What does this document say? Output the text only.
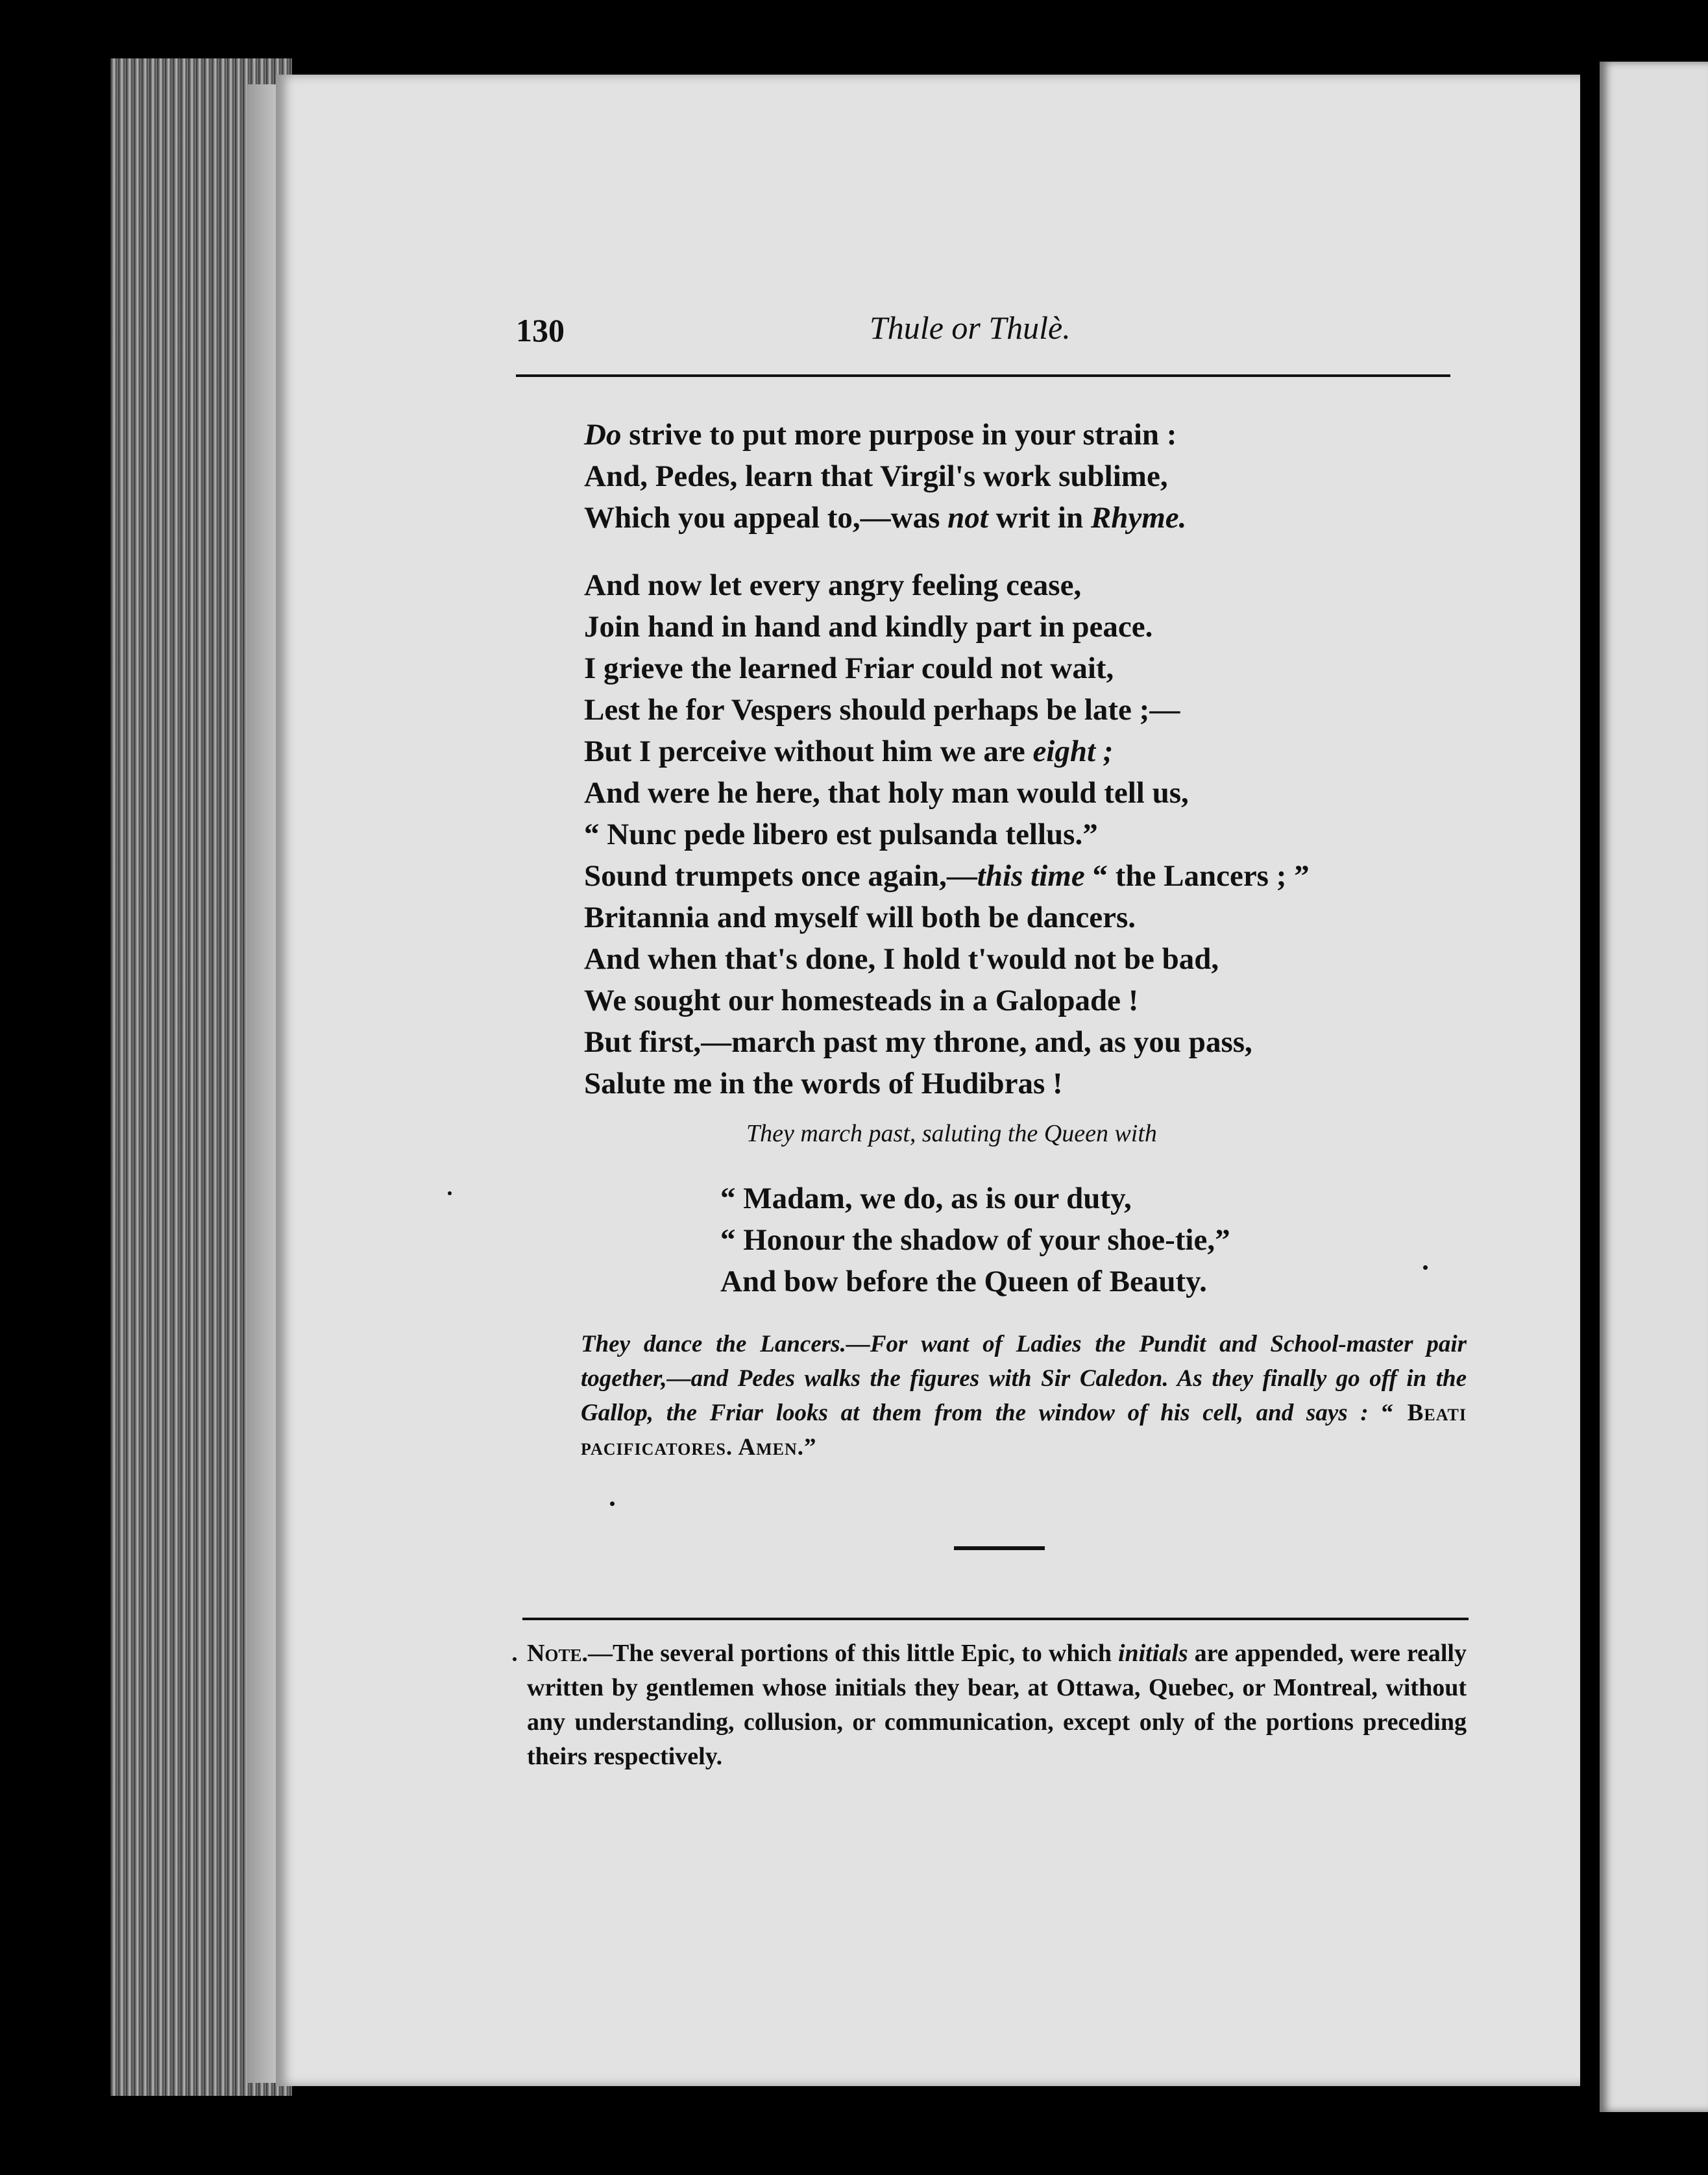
130	Thule or Thulè.
Do strive to put more purpose in your strain :
And, Pedes, learn that Virgil's work sublime,
Which you appeal to,—was not writ in Rhyme.
And now let every angry feeling cease,
Join hand in hand and kindly part in peace.
I grieve the learned Friar could not wait,
Lest he for Vespers should perhaps be late ;—
But I perceive without him we are eight ;
And were he here, that holy man would tell us,
“ Nunc pede libero est pulsanda tellus.”
Sound trumpets once again,—this time “ the Lancers ; ”
Britannia and myself will both be dancers.
And when that's done, I hold t'would not be bad,
We sought our homesteads in a Galopade !
But first,—march past my throne, and, as you pass,
Salute me in the words of Hudibras !
They march past, saluting the Queen with
“ Madam, we do, as is our duty,
“ Honour the shadow of your shoe-tie,”
And bow before the Queen of Beauty.
They dance the Lancers.—For want of Ladies the Pundit and School-master pair together,—and Pedes walks the figures with Sir Caledon. As they finally go off in the Gallop, the Friar looks at them from the window of his cell, and says : “ Beati pacificatores. Amen.”
Note.—The several portions of this little Epic, to which initials are appended, were really written by gentlemen whose initials they bear, at Ottawa, Quebec, or Montreal, without any understanding, collusion, or communication, except only of the portions preceding theirs respectively.
